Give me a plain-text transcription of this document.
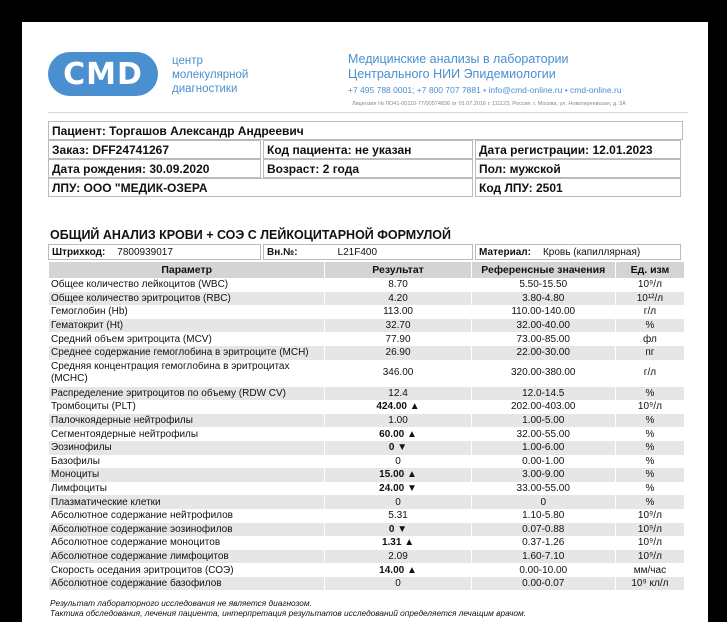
CMD	центр
молекулярной
диагностики
Медицинские анализы в лаборатории
Центрального НИИ Эпидемиологии
+7 495 788 0001; +7 800 707 7881 • info@cmd-online.ru • cmd-online.ru
Лицензия № ЛО41-00110-77/00574836 от 01.07.2016 г. 111123, Россия, г. Москва, ул. Новогиреевская, д. 3А
Пациент: Торгашов Александр Андреевич
Заказ: DFF24741267	Код пациента: не указан	Дата регистрации: 12.01.2023
Дата рождения: 30.09.2020	Возраст: 2 года	Пол: мужской
ЛПУ: ООО "МЕДИК-ОЗЕРА	Код ЛПУ: 2501
ОБЩИЙ АНАЛИЗ КРОВИ + СОЭ С ЛЕЙКОЦИТАРНОЙ ФОРМУЛОЙ
Штрихкод: 7800939017	Вн.№:	L21F400	Материал: Кровь (капиллярная)
Параметр	Результат	Референсные значения	Ед. изм
Общее количество лейкоцитов (WBC)	8.70	5.50-15.50	10⁹/л
Общее количество эритроцитов (RBC)	4.20	3.80-4.80	10¹²/л
Гемоглобин (Hb)	113.00	110.00-140.00	г/л
Гематокрит (Ht)	32.70	32.00-40.00	%
Средний объем эритроцита (MCV)	77.90	73.00-85.00	фл
Среднее содержание гемоглобина в эритроците (MCH)	26.90	22.00-30.00	пг
Средняя концентрация гемоглобина в эритроцитах (MCHC)	346.00	320.00-380.00	г/л
Распределение эритроцитов по объему (RDW CV)	12.4	12.0-14.5	%
Тромбоциты (PLT)	424.00 ▲	202.00-403.00	10⁹/л
Палочкоядерные нейтрофилы	1.00	1.00-5.00	%
Сегментоядерные нейтрофилы	60.00 ▲	32.00-55.00	%
Эозинофилы	0 ▼	1.00-6.00	%
Базофилы	0	0.00-1.00	%
Моноциты	15.00 ▲	3.00-9.00	%
Лимфоциты	24.00 ▼	33.00-55.00	%
Плазматические клетки	0	0	%
Абсолютное содержание нейтрофилов	5.31	1.10-5.80	10⁹/л
Абсолютное содержание эозинофилов	0 ▼	0.07-0.88	10⁹/л
Абсолютное содержание моноцитов	1.31 ▲	0.37-1.26	10⁹/л
Абсолютное содержание лимфоцитов	2.09	1.60-7.10	10⁹/л
Скорость оседания эритроцитов (СОЭ)	14.00 ▲	0.00-10.00	мм/час
Абсолютное содержание базофилов	0	0.00-0.07	10⁹ кл/л
Результат лабораторного исследования не является диагнозом.
Тактика обследования, лечения пациента, интерпретация результатов исследований определяется лечащим врачом.
